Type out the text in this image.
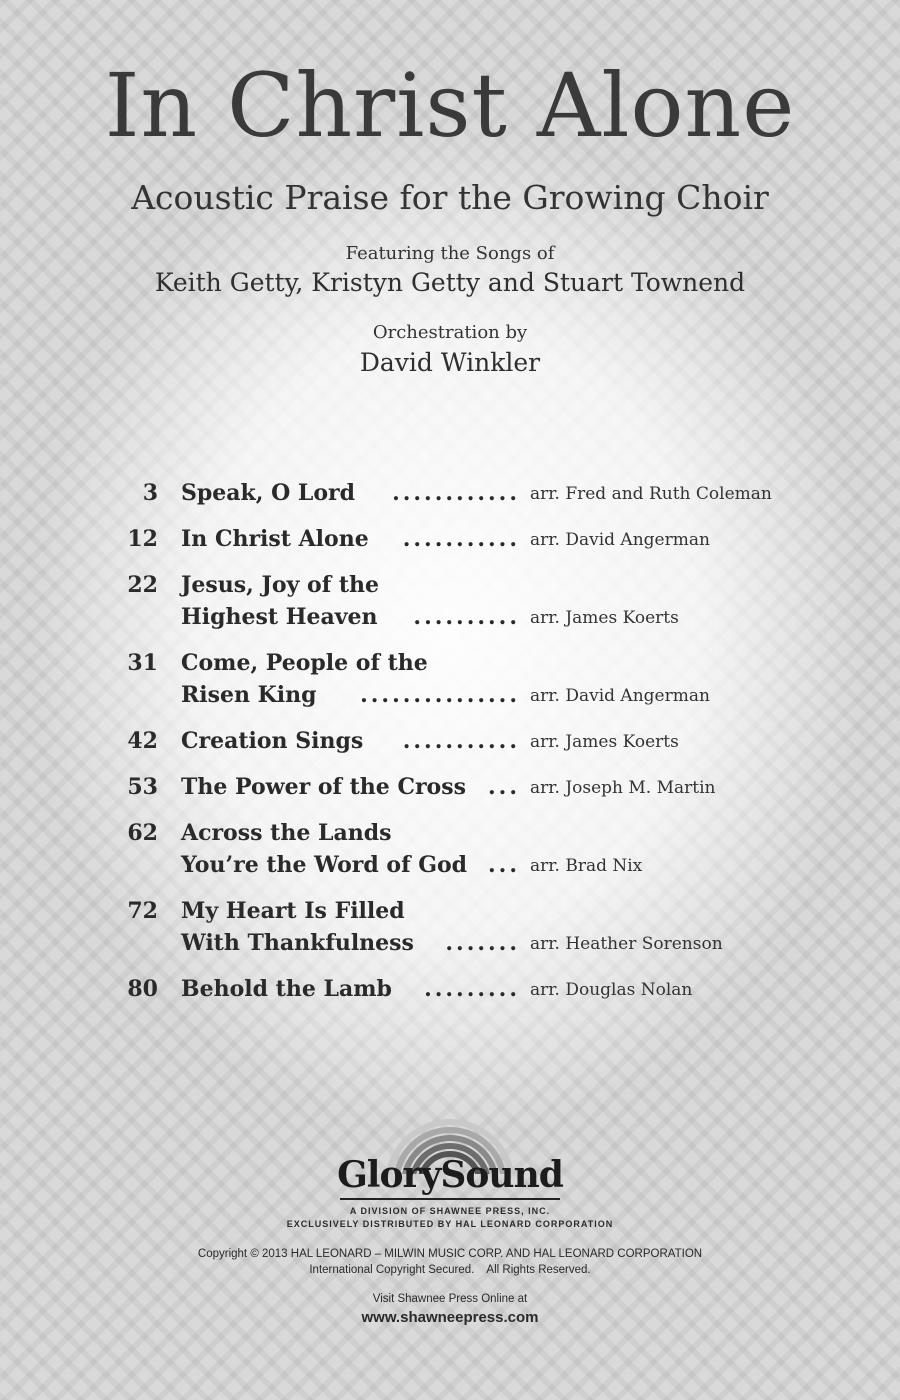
In Christ Alone
Acoustic Praise for the Growing Choir
Featuring the Songs of
Keith Getty, Kristyn Getty and Stuart Townend
Orchestration by
David Winkler
3 Speak, O Lord	............ arr. Fred and Ruth Coleman
12 In Christ Alone	........... arr. David Angerman
22 Jesus, Joy of the
Highest Heaven	.......... arr. James Koerts
31 Come, People of the
Risen King	............... arr. David Angerman
42 Creation Sings	........... arr. James Koerts
53 The Power of the Cross	... arr. Joseph M. Martin
62 Across the Lands
You’re the Word of God ... arr. Brad Nix
72 My Heart Is Filled
With Thankfulness	....... arr. Heather Sorenson
80 Behold the Lamb	......... arr. Douglas Nolan
GlorySound
A DIVISION OF SHAWNEE PRESS, INC.
EXCLUSIVELY DISTRIBUTED BY HAL LEONARD CORPORATION
Copyright © 2013 HAL LEONARD – MILWIN MUSIC CORP. AND HAL LEONARD CORPORATION
International Copyright Secured.    All Rights Reserved.
Visit Shawnee Press Online at
www.shawneepress.com
